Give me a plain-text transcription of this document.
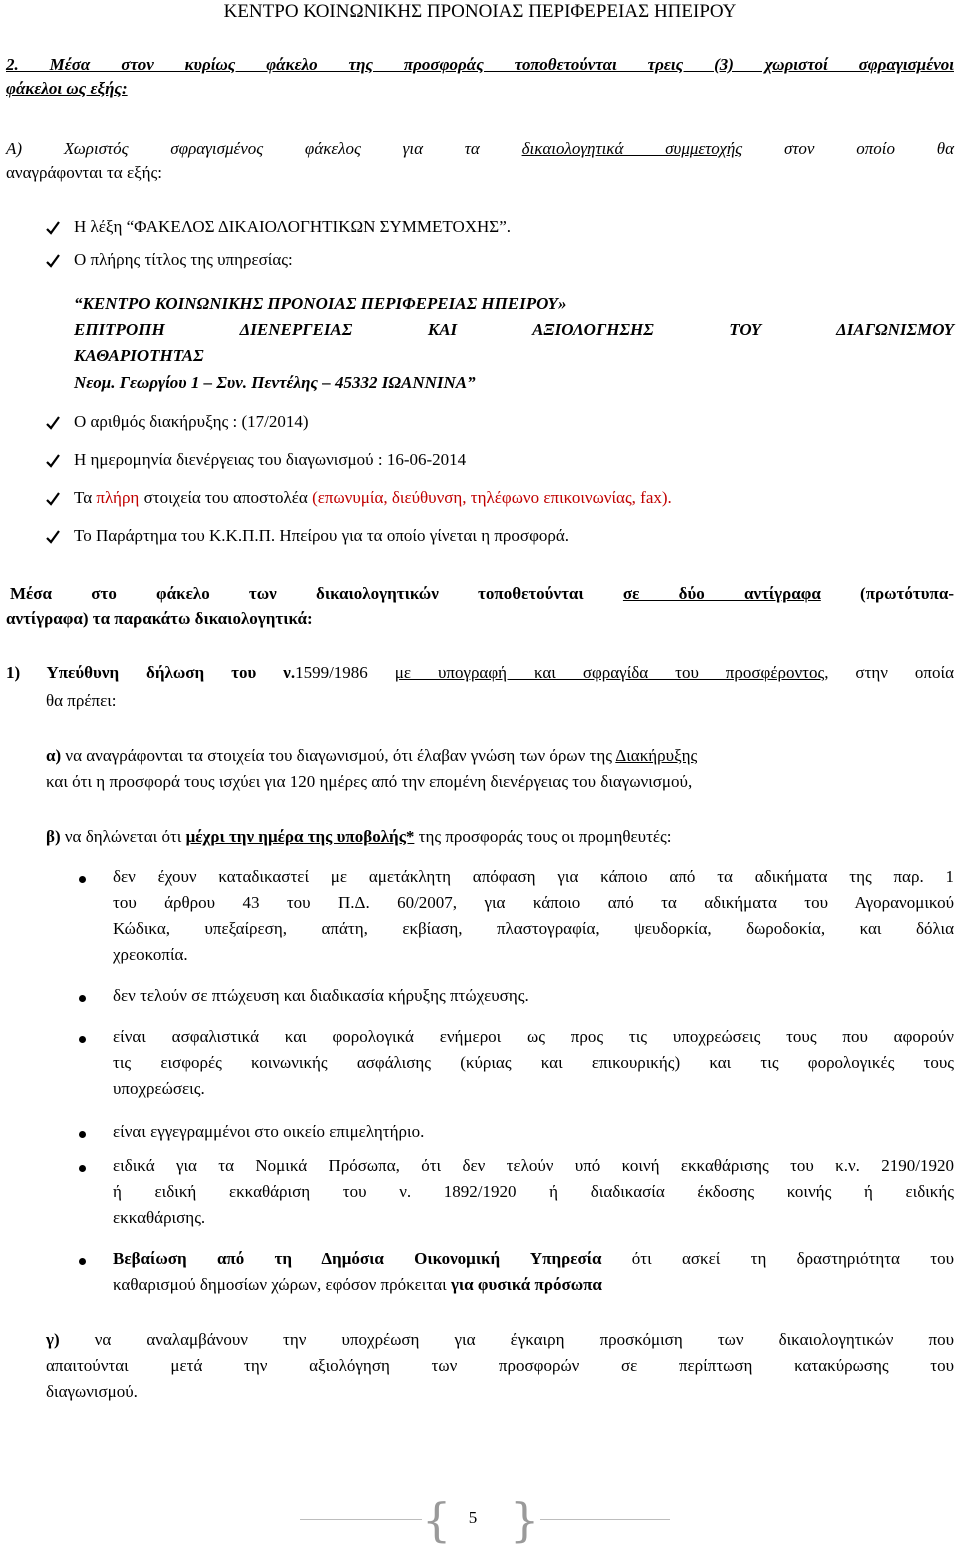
ΚΕΝΤΡΟ ΚΟΙΝΩΝΙΚΗΣ ΠΡΟΝΟΙΑΣ ΠΕΡΙΦΕΡΕΙΑΣ ΗΠΕΙΡΟΥ
2. Μέσα στον κυρίως φάκελο της προσφοράς τοποθετούνται τρεις (3) χωριστοί σφραγισμένοι
φάκελοι ως εξής:
Α) Χωριστός σφραγισμένος φάκελος για τα δικαιολογητικά συμμετοχής στον οποίο θα
αναγράφονται τα εξής:
Η λέξη “ΦΑΚΕΛΟΣ ΔΙΚΑΙΟΛΟΓΗΤΙΚΩΝ ΣΥΜΜΕΤΟΧΗΣ”.
Ο πλήρης τίτλος της υπηρεσίας:
“ΚΕΝΤΡΟ ΚΟΙΝΩΝΙΚΗΣ ΠΡΟΝΟΙΑΣ ΠΕΡΙΦΕΡΕΙΑΣ ΗΠΕΙΡΟΥ»
ΕΠΙΤΡΟΠΗ ΔΙΕΝΕΡΓΕΙΑΣ ΚΑΙ ΑΞΙΟΛΟΓΗΣΗΣ ΤΟΥ ΔΙΑΓΩΝΙΣΜΟΥ
ΚΑΘΑΡΙΟΤΗΤΑΣ
Νεομ. Γεωργίου 1 – Συν. Πεντέλης – 45332 ΙΩΑΝΝΙΝΑ”
Ο αριθμός διακήρυξης : (17/2014)
Η ημερομηνία διενέργειας του διαγωνισμού : 16-06-2014
Τα πλήρη στοιχεία του αποστολέα (επωνυμία, διεύθυνση, τηλέφωνο επικοινωνίας, fax).
Το Παράρτημα του Κ.Κ.Π.Π. Ηπείρου για τα οποίο γίνεται η προσφορά.
Μέσα στο φάκελο των δικαιολογητικών τοποθετούνται σε δύο αντίγραφα (πρωτότυπα-
αντίγραφα) τα παρακάτω δικαιολογητικά:
1) Υπεύθυνη δήλωση του ν.1599/1986 με υπογραφή και σφραγίδα του προσφέροντος, στην οποία
θα πρέπει:
α) να αναγράφονται τα στοιχεία του διαγωνισμού, ότι έλαβαν γνώση των όρων της Διακήρυξης
και ότι η προσφορά τους ισχύει για 120 ημέρες από την επομένη διενέργειας του διαγωνισμού,
β) να δηλώνεται ότι μέχρι την ημέρα της υποβολής* της προσφοράς τους οι προμηθευτές:
δεν έχουν καταδικαστεί με αμετάκλητη απόφαση για κάποιο από τα αδικήματα της παρ. 1
του άρθρου 43 του Π.Δ. 60/2007, για κάποιο από τα αδικήματα του Αγορανομικού
Κώδικα, υπεξαίρεση, απάτη, εκβίαση, πλαστογραφία, ψευδορκία, δωροδοκία, και δόλια
χρεοκοπία.
δεν τελούν σε πτώχευση και διαδικασία κήρυξης πτώχευσης.
είναι ασφαλιστικά και φορολογικά ενήμεροι ως προς τις υποχρεώσεις τους που αφορούν
τις εισφορές κοινωνικής ασφάλισης (κύριας και επικουρικής) και τις φορολογικές τους
υποχρεώσεις.
είναι εγγεγραμμένοι στο οικείο επιμελητήριο.
ειδικά για τα Νομικά Πρόσωπα, ότι δεν τελούν υπό κοινή εκκαθάρισης του κ.ν. 2190/1920
ή ειδική εκκαθάριση του ν. 1892/1920 ή διαδικασία έκδοσης κοινής ή ειδικής
εκκαθάρισης.
Βεβαίωση από τη Δημόσια Οικονομική Υπηρεσία ότι ασκεί τη δραστηριότητα του
καθαρισμού δημοσίων χώρων, εφόσον πρόκειται για φυσικά πρόσωπα
γ) να αναλαμβάνουν την υποχρέωση για έγκαιρη προσκόμιση των δικαιολογητικών που
απαιτούνται μετά την αξιολόγηση των προσφορών σε περίπτωση κατακύρωσης του
διαγωνισμού.
{	5 }
